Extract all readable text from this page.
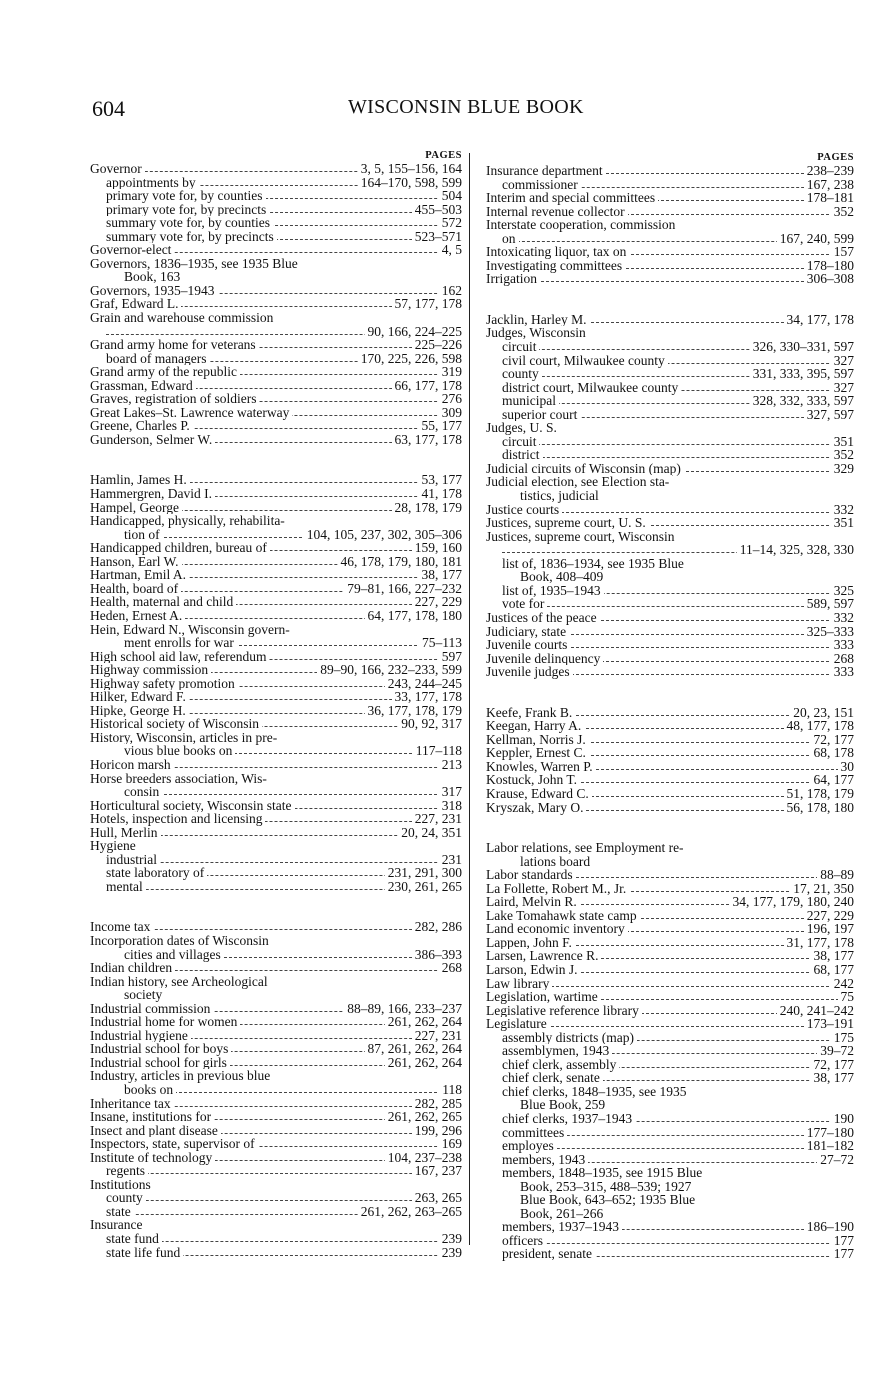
604	WISCONSIN BLUE BOOK
PAGES
Governor	3, 5, 155–156, 164
appointments by	164–170, 598, 599
primary vote for, by counties	504
primary vote for, by precincts	455–503
summary vote for, by counties	572
summary vote for, by precincts	523–571
Governor-elect	4, 5
Governors, 1836–1935, see 1935 Blue
Book, 163
Governors, 1935–1943	162
Graf, Edward L.	57, 177, 178
Grain and warehouse commission
90, 166, 224–225
Grand army home for veterans	225–226
board of managers	170, 225, 226, 598
Grand army of the republic	319
Grassman, Edward	66, 177, 178
Graves, registration of soldiers	276
Great Lakes–St. Lawrence waterway	309
Greene, Charles P.	55, 177
Gunderson, Selmer W.	63, 177, 178
Hamlin, James H.	53, 177
Hammergren, David I.	41, 178
Hampel, George	28, 178, 179
Handicapped, physically, rehabilita-
tion of	104, 105, 237, 302, 305–306
Handicapped children, bureau of	159, 160
Hanson, Earl W.	46, 178, 179, 180, 181
Hartman, Emil A.	38, 177
Health, board of	79–81, 166, 227–232
Health, maternal and child	227, 229
Heden, Ernest A.	64, 177, 178, 180
Hein, Edward N., Wisconsin govern-
ment enrolls for war	75–113
High school aid law, referendum	597
Highway commission	89–90, 166, 232–233, 599
Highway safety promotion	243, 244–245
Hilker, Edward F.	33, 177, 178
Hipke, George H.	36, 177, 178, 179
Historical society of Wisconsin	90, 92, 317
History, Wisconsin, articles in pre-
vious blue books on	117–118
Horicon marsh	213
Horse breeders association, Wis-
consin	317
Horticultural society, Wisconsin state	318
Hotels, inspection and licensing	227, 231
Hull, Merlin	20, 24, 351
Hygiene
industrial	231
state laboratory of	231, 291, 300
mental	230, 261, 265
Income tax	282, 286
Incorporation dates of Wisconsin
cities and villages	386–393
Indian children	268
Indian history, see Archeological
society
Industrial commission	88–89, 166, 233–237
Industrial home for women	261, 262, 264
Industrial hygiene	227, 231
Industrial school for boys	87, 261, 262, 264
Industrial school for girls	261, 262, 264
Industry, articles in previous blue
books on	118
Inheritance tax	282, 285
Insane, institutions for	261, 262, 265
Insect and plant disease	199, 296
Inspectors, state, supervisor of	169
Institute of technology	104, 237–238
regents	167, 237
Institutions
county	263, 265
state	261, 262, 263–265
Insurance
state fund	239
state life fund	239
PAGES
Insurance department	238–239
commissioner	167, 238
Interim and special committees	178–181
Internal revenue collector	352
Interstate cooperation, commission
on	167, 240, 599
Intoxicating liquor, tax on	157
Investigating committees	178–180
Irrigation	306–308
Jacklin, Harley M.	34, 177, 178
Judges, Wisconsin
circuit	326, 330–331, 597
civil court, Milwaukee county	327
county	331, 333, 395, 597
district court, Milwaukee county	327
municipal	328, 332, 333, 597
superior court	327, 597
Judges, U. S.
circuit	351
district	352
Judicial circuits of Wisconsin (map)	329
Judicial election, see Election sta-
tistics, judicial
Justice courts	332
Justices, supreme court, U. S.	351
Justices, supreme court, Wisconsin
11–14, 325, 328, 330
list of, 1836–1934, see 1935 Blue
Book, 408–409
list of, 1935–1943	325
vote for	589, 597
Justices of the peace	332
Judiciary, state	325–333
Juvenile courts	333
Juvenile delinquency	268
Juvenile judges	333
Keefe, Frank B.	20, 23, 151
Keegan, Harry A.	48, 177, 178
Kellman, Norris J.	72, 177
Keppler, Ernest C.	68, 178
Knowles, Warren P.	30
Kostuck, John T.	64, 177
Krause, Edward C.	51, 178, 179
Kryszak, Mary O.	56, 178, 180
Labor relations, see Employment re-
lations board
Labor standards	88–89
La Follette, Robert M., Jr.	17, 21, 350
Laird, Melvin R.	34, 177, 179, 180, 240
Lake Tomahawk state camp	227, 229
Land economic inventory	196, 197
Lappen, John F.	31, 177, 178
Larsen, Lawrence R.	38, 177
Larson, Edwin J.	68, 177
Law library	242
Legislation, wartime	75
Legislative reference library	240, 241–242
Legislature	173–191
assembly districts (map)	175
assemblymen, 1943	39–72
chief clerk, assembly	72, 177
chief clerk, senate	38, 177
chief clerks, 1848–1935, see 1935
Blue Book, 259
chief clerks, 1937–1943	190
committees	177–180
employes	181–182
members, 1943	27–72
members, 1848–1935, see 1915 Blue
Book, 253–315, 488–539; 1927
Blue Book, 643–652; 1935 Blue
Book, 261–266
members, 1937–1943	186–190
officers	177
president, senate	177
